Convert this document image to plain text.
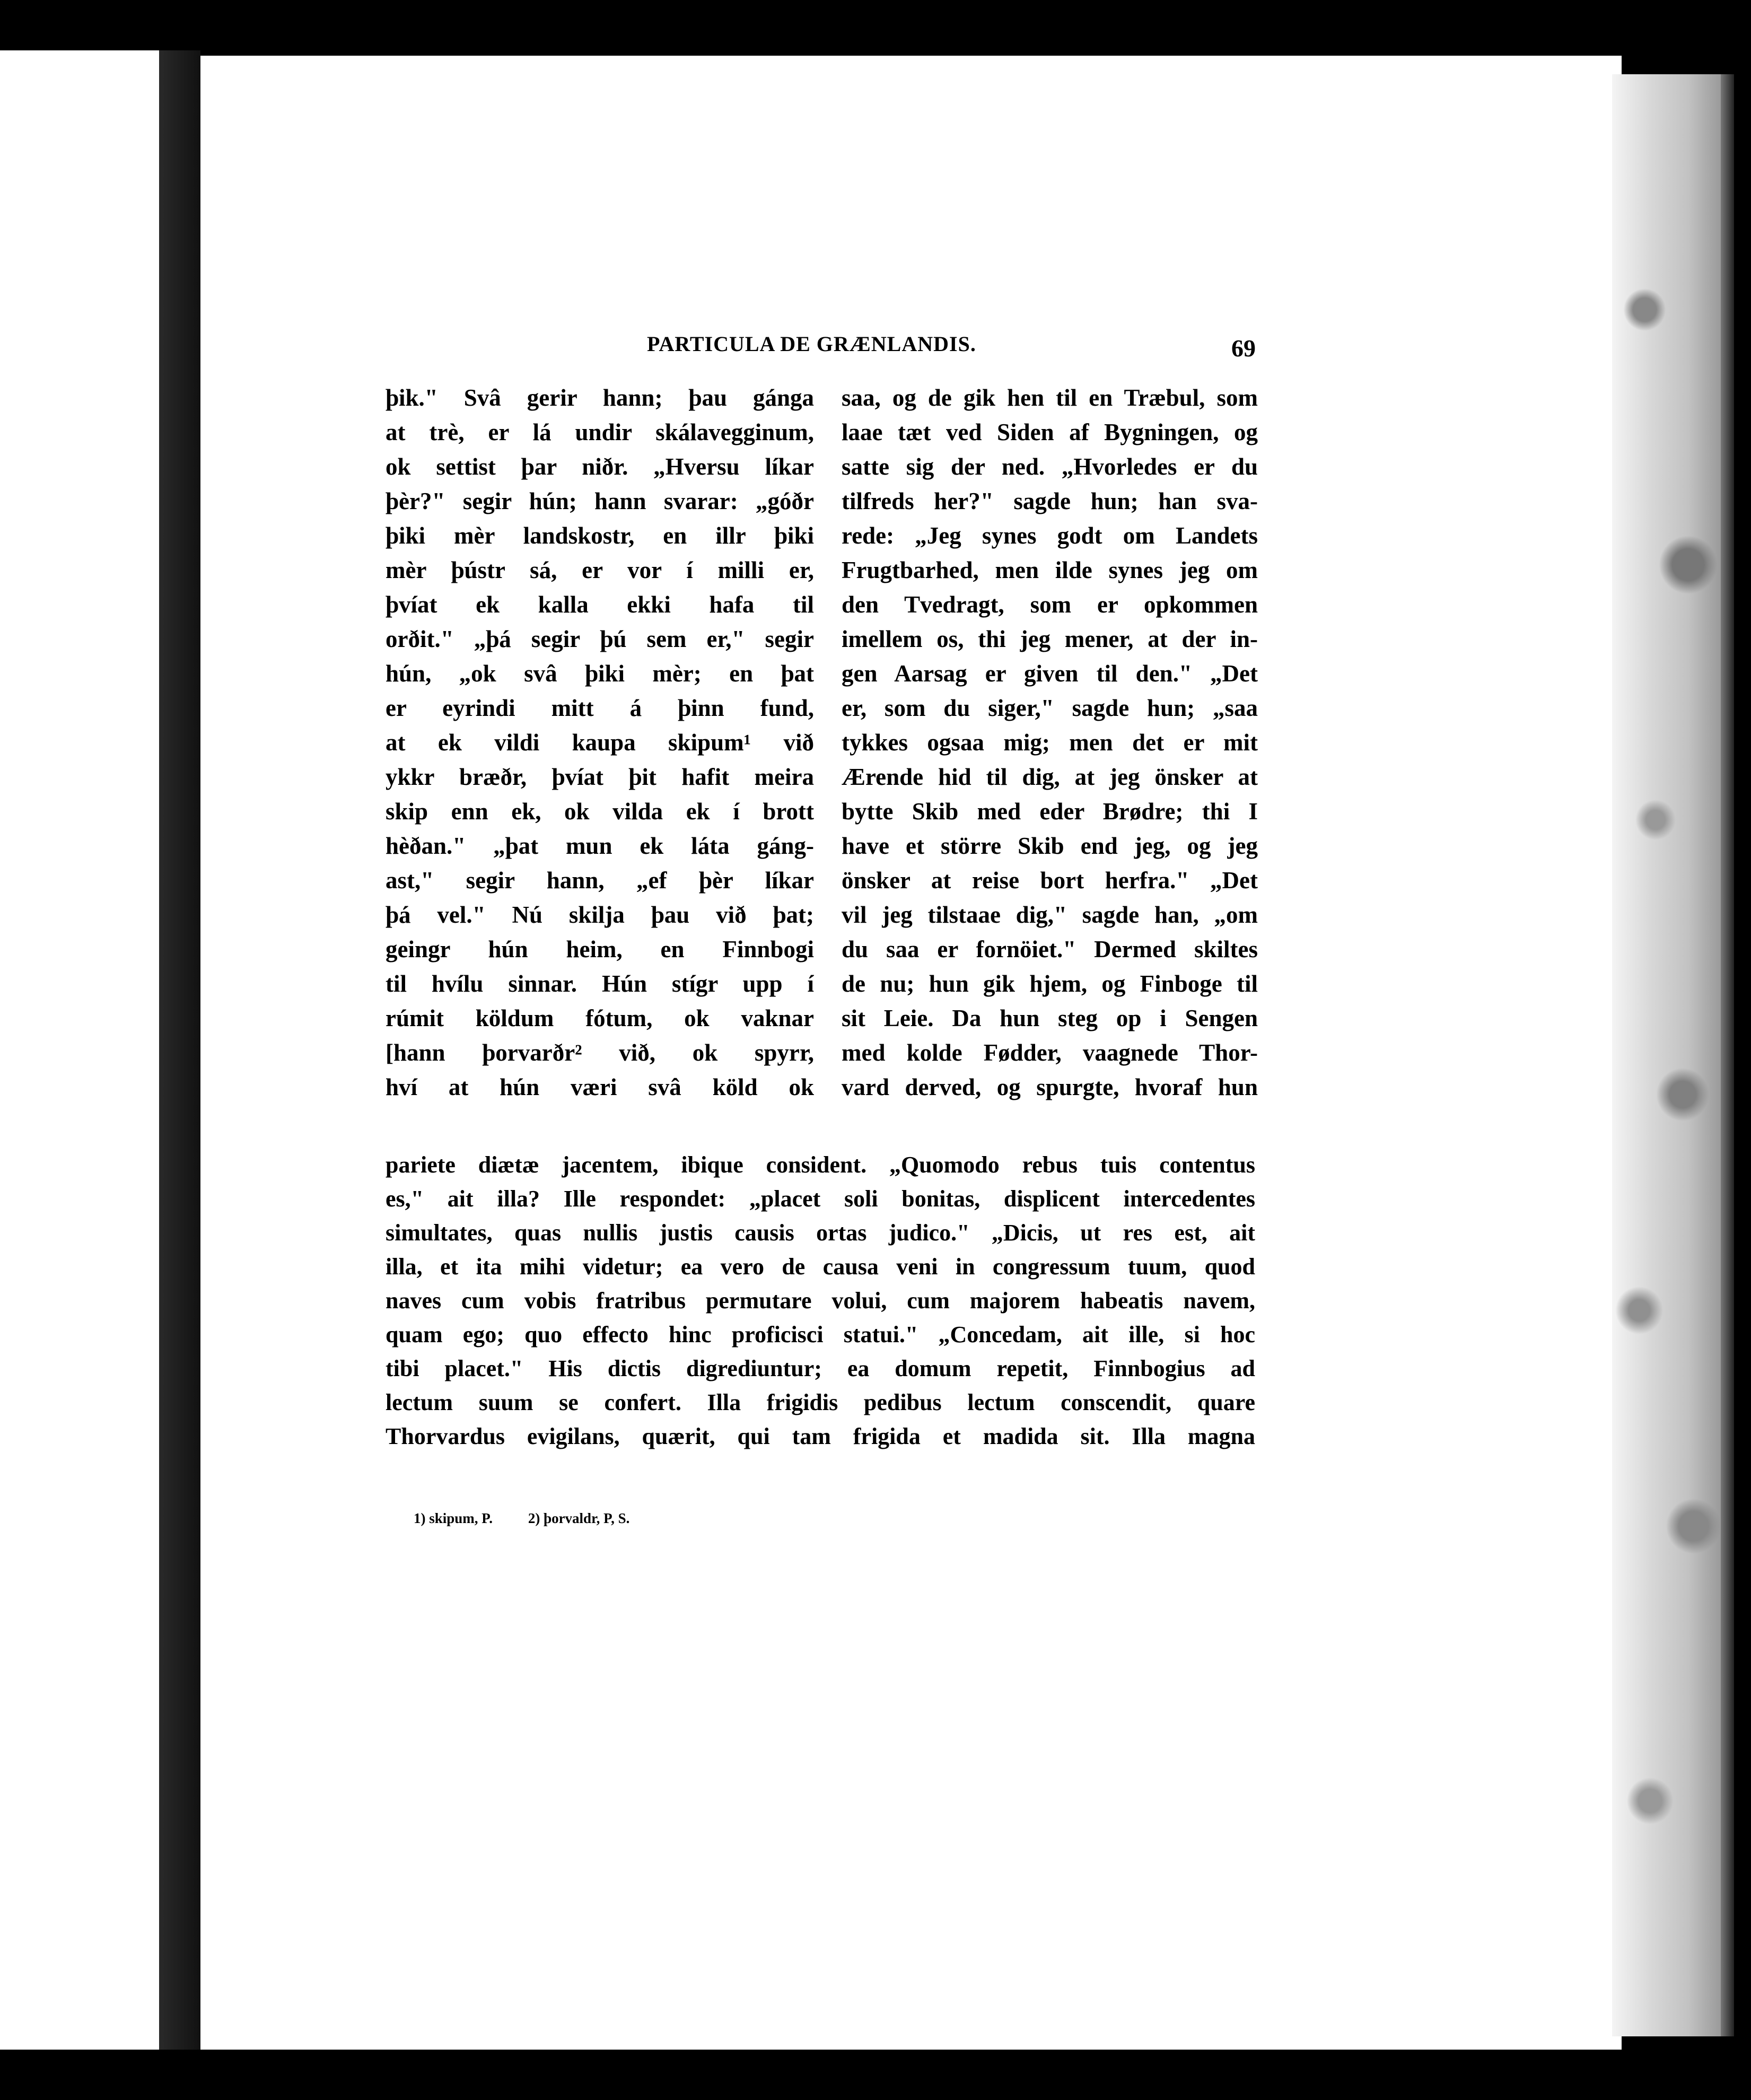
PARTICULA DE GRÆNLANDIS.	69
þik." Svâ gerir hann; þau gánga
at trè, er lá undir skálavegginum,
ok settist þar niðr. „Hversu líkar
þèr?" segir hún; hann svarar: „góðr
þiki mèr landskostr, en illr þiki
mèr þústr sá, er vor í milli er,
þvíat ek kalla ekki hafa til
orðit." „þá segir þú sem er," segir
hún, „ok svâ þiki mèr; en þat
er eyrindi mitt á þinn fund,
at ek vildi kaupa skipum¹ við
ykkr bræðr, þvíat þit hafit meira
skip enn ek, ok vilda ek í brott
hèðan." „þat mun ek láta gáng-
ast," segir hann, „ef þèr líkar
þá vel." Nú skilja þau við þat;
geingr hún heim, en Finnbogi
til hvílu sinnar. Hún stígr upp í
rúmit köldum fótum, ok vaknar
[hann þorvarðr² við, ok spyrr,
hví at hún væri svâ köld ok
saa, og de gik hen til en Træbul, som
laae tæt ved Siden af Bygningen, og
satte sig der ned. „Hvorledes er du
tilfreds her?" sagde hun; han sva-
rede: „Jeg synes godt om Landets
Frugtbarhed, men ilde synes jeg om
den Tvedragt, som er opkommen
imellem os, thi jeg mener, at der in-
gen Aarsag er given til den." „Det
er, som du siger," sagde hun; „saa
tykkes ogsaa mig; men det er mit
Ærende hid til dig, at jeg önsker at
bytte Skib med eder Brødre; thi I
have et större Skib end jeg, og jeg
önsker at reise bort herfra." „Det
vil jeg tilstaae dig," sagde han, „om
du saa er fornöiet." Dermed skiltes
de nu; hun gik hjem, og Finboge til
sit Leie. Da hun steg op i Sengen
med kolde Fødder, vaagnede Thor-
vard derved, og spurgte, hvoraf hun
pariete diætæ jacentem, ibique consident. „Quomodo rebus tuis contentus
es," ait illa? Ille respondet: „placet soli bonitas, displicent intercedentes
simultates, quas nullis justis causis ortas judico." „Dicis, ut res est, ait
illa, et ita mihi videtur; ea vero de causa veni in congressum tuum, quod
naves cum vobis fratribus permutare volui, cum majorem habeatis navem,
quam ego; quo effecto hinc proficisci statui." „Concedam, ait ille, si hoc
tibi placet." His dictis digrediuntur; ea domum repetit, Finnbogius ad
lectum suum se confert. Illa frigidis pedibus lectum conscendit, quare
Thorvardus evigilans, quærit, qui tam frigida et madida sit. Illa magna
1) skipum, P. 2) þorvaldr, P, S.
